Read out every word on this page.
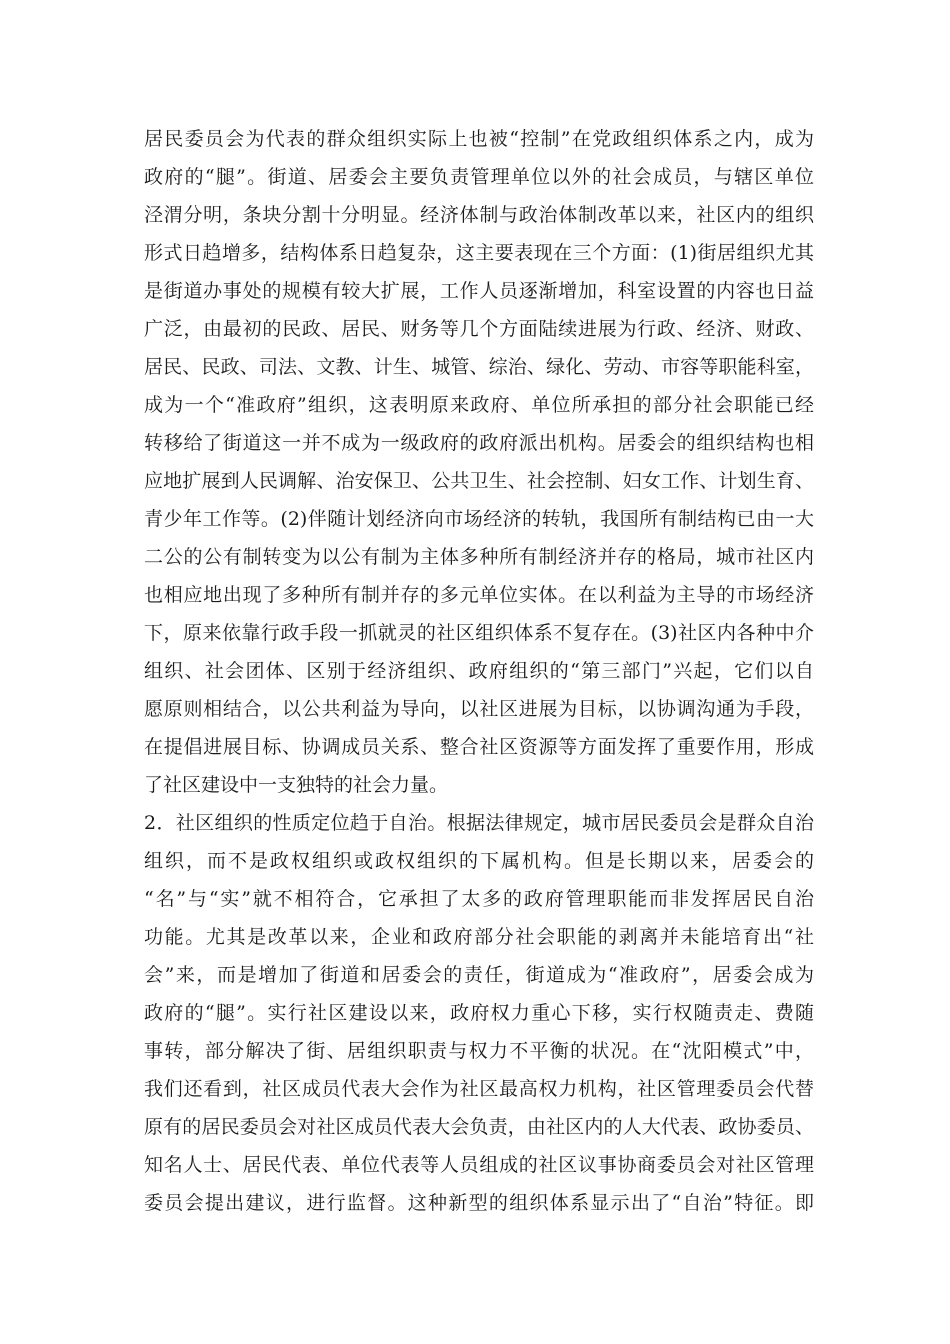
居民委员会为代表的群众组织实际上也被“控制”在党政组织体系之内，成为
政府的“腿”。街道、居委会主要负责管理单位以外的社会成员，与辖区单位
泾渭分明，条块分割十分明显。经济体制与政治体制改革以来，社区内的组织
形式日趋增多，结构体系日趋复杂，这主要表现在三个方面：(1)街居组织尤其
是街道办事处的规模有较大扩展，工作人员逐渐增加，科室设置的内容也日益
广泛，由最初的民政、居民、财务等几个方面陆续进展为行政、经济、财政、
居民、民政、司法、文教、计生、城管、综治、绿化、劳动、市容等职能科室，
成为一个“准政府”组织，这表明原来政府、单位所承担的部分社会职能已经
转移给了街道这一并不成为一级政府的政府派出机构。居委会的组织结构也相
应地扩展到人民调解、治安保卫、公共卫生、社会控制、妇女工作、计划生育、
青少年工作等。(2)伴随计划经济向市场经济的转轨，我国所有制结构已由一大
二公的公有制转变为以公有制为主体多种所有制经济并存的格局，城市社区内
也相应地出现了多种所有制并存的多元单位实体。在以利益为主导的市场经济
下，原来依靠行政手段一抓就灵的社区组织体系不复存在。(3)社区内各种中介
组织、社会团体、区别于经济组织、政府组织的“第三部门”兴起，它们以自
愿原则相结合，以公共利益为导向，以社区进展为目标，以协调沟通为手段，
在提倡进展目标、协调成员关系、整合社区资源等方面发挥了重要作用，形成
了社区建设中一支独特的社会力量。
2．社区组织的性质定位趋于自治。根据法律规定，城市居民委员会是群众自治
组织，而不是政权组织或政权组织的下属机构。但是长期以来，居委会的
“名”与“实”就不相符合，它承担了太多的政府管理职能而非发挥居民自治
功能。尤其是改革以来，企业和政府部分社会职能的剥离并未能培育出“社
会”来，而是增加了街道和居委会的责任，街道成为“准政府”，居委会成为
政府的“腿”。实行社区建设以来，政府权力重心下移，实行权随责走、费随
事转，部分解决了街、居组织职责与权力不平衡的状况。在“沈阳模式”中，
我们还看到，社区成员代表大会作为社区最高权力机构，社区管理委员会代替
原有的居民委员会对社区成员代表大会负责，由社区内的人大代表、政协委员、
知名人士、居民代表、单位代表等人员组成的社区议事协商委员会对社区管理
委员会提出建议，进行监督。这种新型的组织体系显示出了“自治”特征。即
